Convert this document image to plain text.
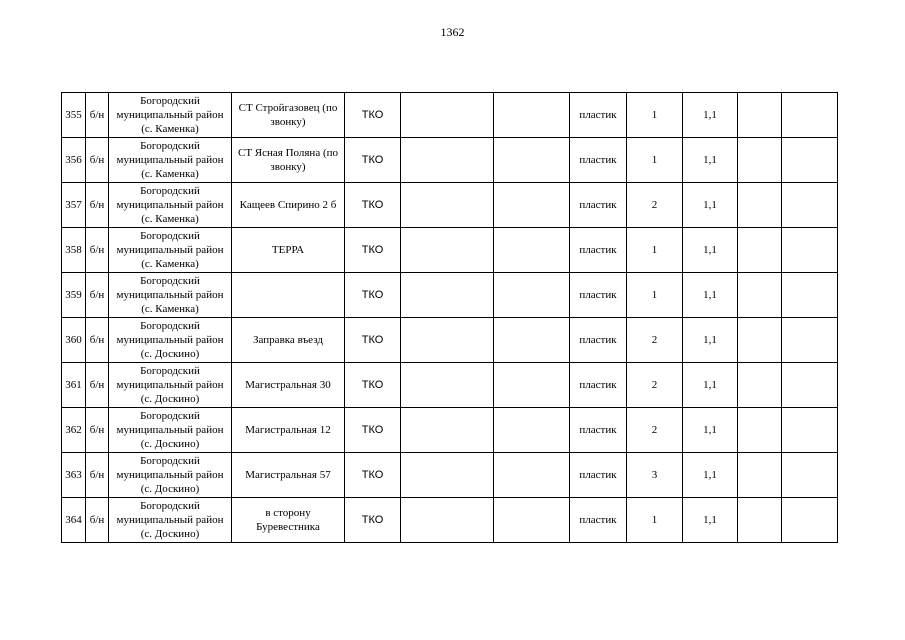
1362
355	б/н	Богородский муниципальный район (с. Каменка)	СТ Стройгазовец (по звонку)	ТКО			пластик	1	1,1		
356	б/н	Богородский муниципальный район (с. Каменка)	СТ Ясная Поляна (по звонку)	ТКО			пластик	1	1,1		
357	б/н	Богородский муниципальный район (с. Каменка)	Кащеев Спирино 2 б	ТКО			пластик	2	1,1		
358	б/н	Богородский муниципальный район (с. Каменка)	ТЕРРА	ТКО			пластик	1	1,1		
359	б/н	Богородский муниципальный район (с. Каменка)		ТКО			пластик	1	1,1		
360	б/н	Богородский муниципальный район (с. Доскино)	Заправка въезд	ТКО			пластик	2	1,1		
361	б/н	Богородский муниципальный район (с. Доскино)	Магистральная 30	ТКО			пластик	2	1,1		
362	б/н	Богородский муниципальный район (с. Доскино)	Магистральная 12	ТКО			пластик	2	1,1		
363	б/н	Богородский муниципальный район (с. Доскино)	Магистральная 57	ТКО			пластик	3	1,1		
364	б/н	Богородский муниципальный район (с. Доскино)	в сторону Буревестника	ТКО			пластик	1	1,1		
